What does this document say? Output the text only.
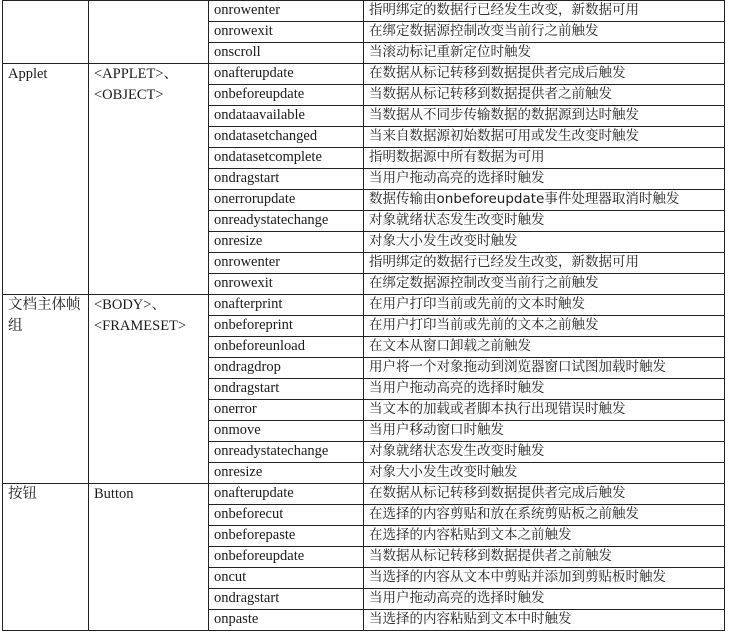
		onrowenter	指明绑定的数据行已经发生改变，新数据可用
		onrowexit	在绑定数据源控制改变当前行之前触发
		onscroll	当滚动标记重新定位时触发
Applet	<APPLET>、<OBJECT>	onafterupdate	在数据从标记转移到数据提供者完成后触发
		onbeforeupdate	当数据从标记转移到数据提供者之前触发
		ondataavailable	当数据从不同步传输数据的数据源到达时触发
		ondatasetchanged	当来自数据源初始数据可用或发生改变时触发
		ondatasetcomplete	指明数据源中所有数据为可用
		ondragstart	当用户拖动高亮的选择时触发
		onerrorupdate	数据传输由onbeforeupdate事件处理器取消时触发
		onreadystatechange	对象就绪状态发生改变时触发
		onresize	对象大小发生改变时触发
		onrowenter	指明绑定的数据行已经发生改变，新数据可用
		onrowexit	在绑定数据源控制改变当前行之前触发
文档主体帧组	<BODY>、<FRAMESET>	onafterprint	在用户打印当前或先前的文本时触发
		onbeforeprint	在用户打印当前或先前的文本之前触发
		onbeforeunload	在文本从窗口卸载之前触发
		ondragdrop	用户将一个对象拖动到浏览器窗口试图加载时触发
		ondragstart	当用户拖动高亮的选择时触发
		onerror	当文本的加载或者脚本执行出现错误时触发
		onmove	当用户移动窗口时触发
		onreadystatechange	对象就绪状态发生改变时触发
		onresize	对象大小发生改变时触发
按钮	Button	onafterupdate	在数据从标记转移到数据提供者完成后触发
		onbeforecut	在选择的内容剪贴和放在系统剪贴板之前触发
		onbeforepaste	在选择的内容粘贴到文本之前触发
		onbeforeupdate	当数据从标记转移到数据提供者之前触发
		oncut	当选择的内容从文本中剪贴并添加到剪贴板时触发
		ondragstart	当用户拖动高亮的选择时触发
		onpaste	当选择的内容粘贴到文本中时触发
